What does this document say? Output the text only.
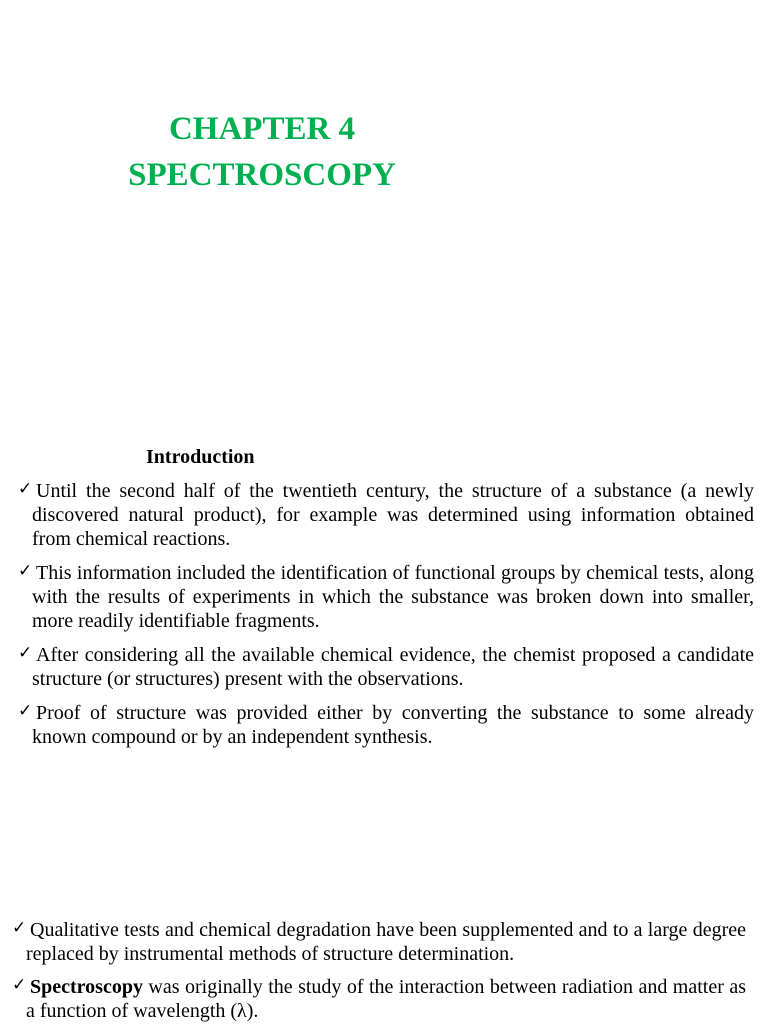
CHAPTER 4
SPECTROSCOPY
Introduction
✓ Until the second half of the twentieth century, the structure of a substance (a newly discovered natural product), for example was determined using information obtained from chemical reactions.
✓ This information included the identification of functional groups by chemical tests, along with the results of experiments in which the substance was broken down into smaller, more readily identifiable fragments.
✓ After considering all the available chemical evidence, the chemist proposed a candidate structure (or structures) present with the observations.
✓ Proof of structure was provided either by converting the substance to some already known compound or by an independent synthesis.
✓ Qualitative tests and chemical degradation have been supplemented and to a large degree replaced by instrumental methods of structure determination.
✓ Spectroscopy was originally the study of the interaction between radiation and matter as a function of wavelength (λ).
